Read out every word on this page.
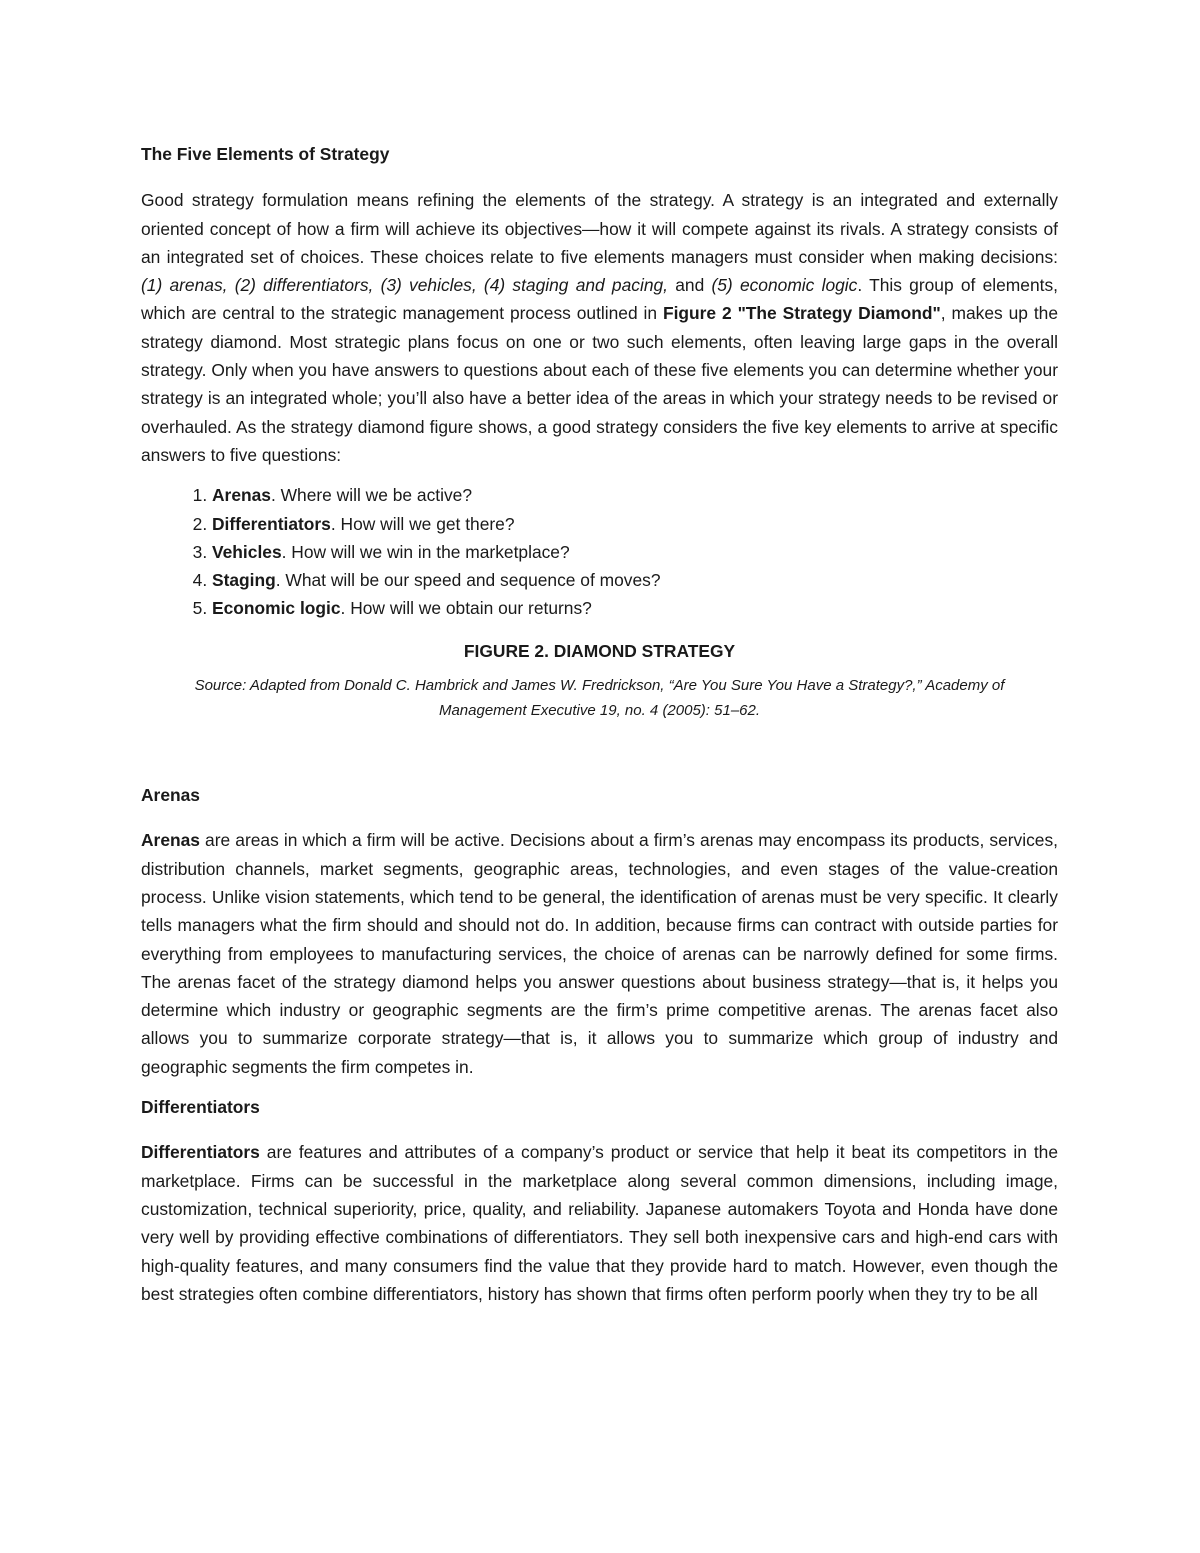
The Five Elements of Strategy

Good strategy formulation means refining the elements of the strategy. A strategy is an integrated and externally oriented concept of how a firm will achieve its objectives—how it will compete against its rivals. A strategy consists of an integrated set of choices. These choices relate to five elements managers must consider when making decisions: (1) arenas, (2) differentiators, (3) vehicles, (4) staging and pacing, and (5) economic logic. This group of elements, which are central to the strategic management process outlined in Figure 2 "The Strategy Diamond", makes up the strategy diamond. Most strategic plans focus on one or two such elements, often leaving large gaps in the overall strategy. Only when you have answers to questions about each of these five elements you can determine whether your strategy is an integrated whole; you’ll also have a better idea of the areas in which your strategy needs to be revised or overhauled. As the strategy diamond figure shows, a good strategy considers the five key elements to arrive at specific answers to five questions:

1. Arenas. Where will we be active?
2. Differentiators. How will we get there?
3. Vehicles. How will we win in the marketplace?
4. Staging. What will be our speed and sequence of moves?
5. Economic logic. How will we obtain our returns?
FIGURE 2. DIAMOND STRATEGY
Source: Adapted from Donald C. Hambrick and James W. Fredrickson, “Are You Sure You Have a Strategy?,” Academy of
Management Executive 19, no. 4 (2005): 51–62.
Arenas

Arenas are areas in which a firm will be active. Decisions about a firm’s arenas may encompass its products, services, distribution channels, market segments, geographic areas, technologies, and even stages of the value-creation process. Unlike vision statements, which tend to be general, the identification of arenas must be very specific. It clearly tells managers what the firm should and should not do. In addition, because firms can contract with outside parties for everything from employees to manufacturing services, the choice of arenas can be narrowly defined for some firms. The arenas facet of the strategy diamond helps you answer questions about business strategy—that is, it helps you determine which industry or geographic segments are the firm’s prime competitive arenas. The arenas facet also allows you to summarize corporate strategy—that is, it allows you to summarize which group of industry and geographic segments the firm competes in.

Differentiators

Differentiators are features and attributes of a company’s product or service that help it beat its competitors in the marketplace. Firms can be successful in the marketplace along several common dimensions, including image, customization, technical superiority, price, quality, and reliability. Japanese automakers Toyota and Honda have done very well by providing effective combinations of differentiators. They sell both inexpensive cars and high-end cars with high-quality features, and many consumers find the value that they provide hard to match. However, even though the best strategies often combine differentiators, history has shown that firms often perform poorly when they try to be all
